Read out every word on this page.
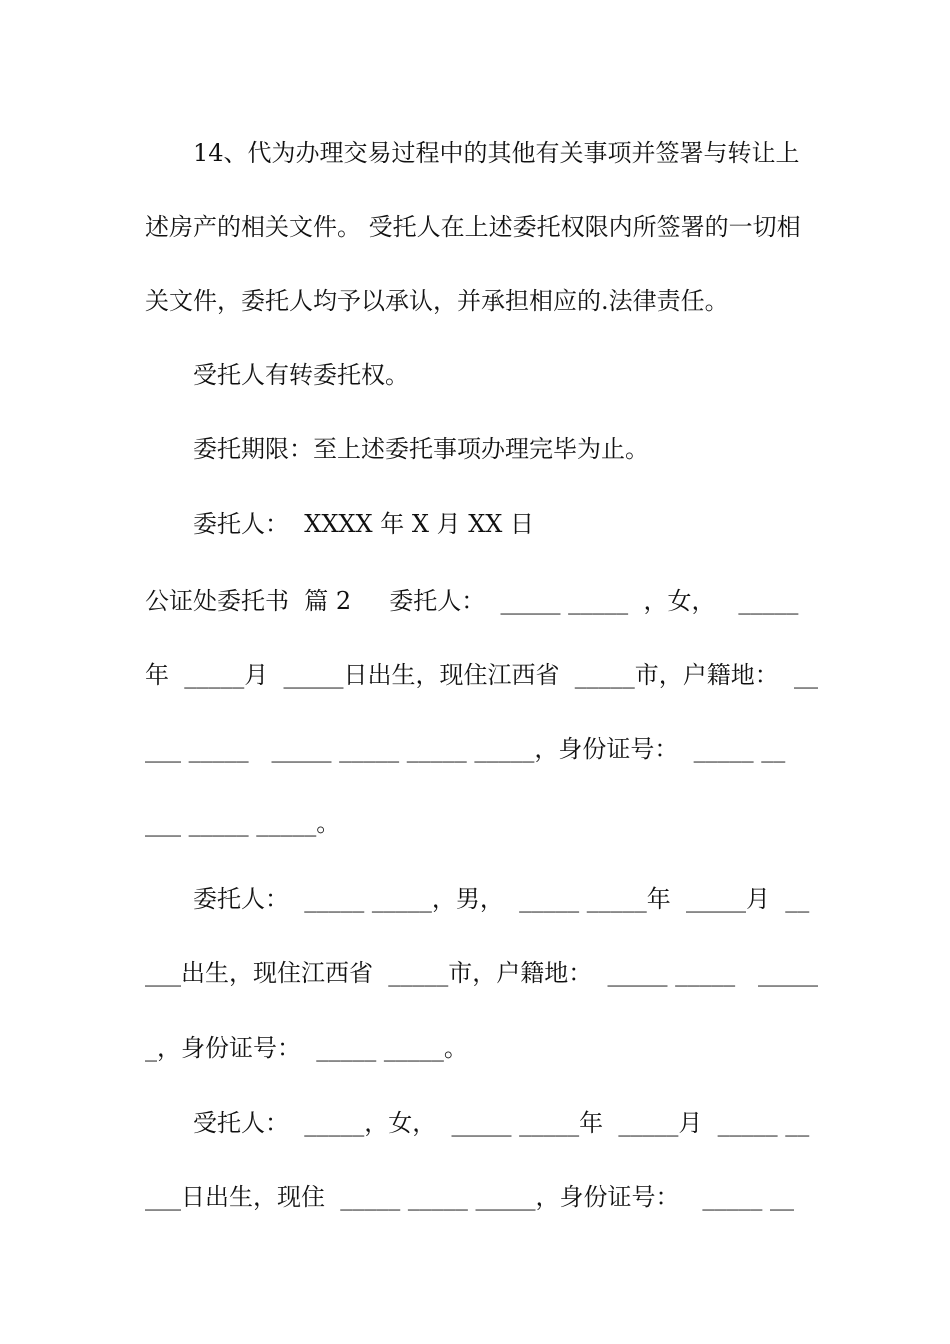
14、代为办理交易过程中的其他有关事项并签署与转让上
述房产的相关文件。 受托人在上述委托权限内所签署的一切相
关文件，委托人均予以承认，并承担相应的.法律责任。
受托人有转委托权。
委托期限：至上述委托事项办理完毕为止。
委托人：  XXXX 年 X 月 XX 日
公证处委托书  篇 2     委托人：  _____ _____  ，女，   _____
年  _____月  _____日出生，现住江西省  _____市，户籍地：  __
___ _____   _____ _____ _____ _____，身份证号：  _____ __
___ _____ _____。
委托人：  _____ _____，男，  _____ _____年  _____月  __
___出生，现住江西省  _____市，户籍地：  _____ _____   _____
_，身份证号：  _____ _____。
受托人：  _____，女，  _____ _____年  _____月  _____ __
___日出生，现住  _____ _____ _____，身份证号：   _____ __
